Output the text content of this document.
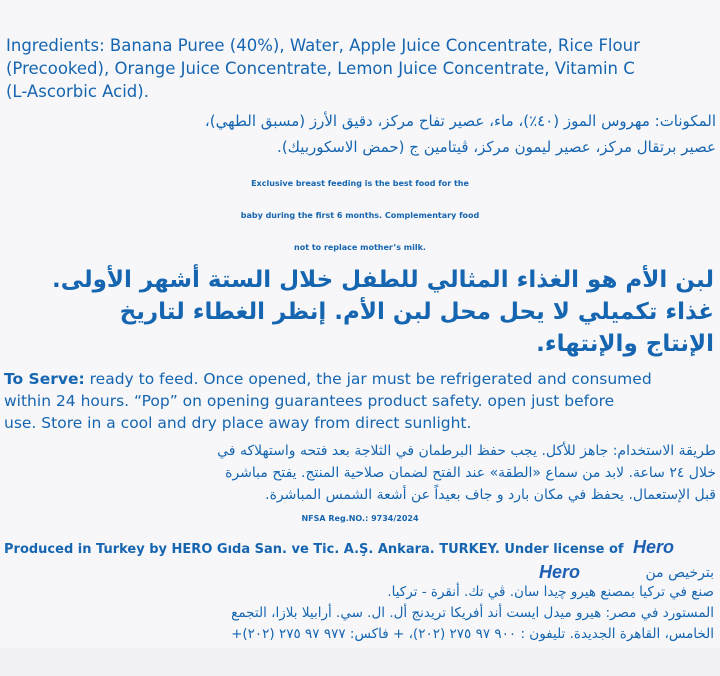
Ingredients: Banana Puree (40%), Water, Apple Juice Concentrate, Rice Flour
(Precooked), Orange Juice Concentrate, Lemon Juice Concentrate, Vitamin C
(L-Ascorbic Acid).
المكونات: مهروس الموز (٤٠٪)، ماء، عصير تفاح مركز، دقيق الأرز (مسبق الطهي)،
عصير برتقال مركز، عصير ليمون مركز، ڤيتامين ج (حمض الاسكوربيك).
Exclusive breast feeding is the best food for the
baby during the first 6 months. Complementary food
not to replace mother’s milk.
لبن الأم هو الغذاء المثالي للطفل خلال الستة أشهر الأولى.
غذاء تكميلي لا يحل محل لبن الأم. إنظر الغطاء لتاريخ
الإنتاج والإنتهاء.
To Serve: ready to feed. Once opened, the jar must be refrigerated and consumed
within 24 hours. “Pop” on opening guarantees product safety. open just before
use. Store in a cool and dry place away from direct sunlight.
طريقة الاستخدام: جاهز للأكل. يجب حفظ البرطمان في الثلاجة بعد فتحه واستهلاكه في
خلال ٢٤ ساعة. لابد من سماع «الطقة» عند الفتح لضمان صلاحية المنتج. يفتح مباشرة
قبل الإستعمال. يحفظ في مكان بارد و جاف بعيداً عن أشعة الشمس المباشرة.
NFSA Reg.NO.: 9734/2024
Produced in Turkey by HERO Gıda San. ve Tic. A.Ş. Ankara. TURKEY. Under license of Hero
بترخيص من
Hero
صنع في تركيا بمصنع هيرو ﭼيدا سان. ڤي تك. أنقرة - تركيا.
المستورد في مصر: هيرو ميدل ايست أند أفريكا تريدنج أل. ال. سي. أرابيلا بلازا، التجمع
الخامس، القاهرة الجديدة. تليفون : ٩٠٠ ٩٧ ٢٧٥ (٢٠٢)، + فاكس: ٩٧٧ ٩٧ ٢٧٥ (٢٠٢)+
